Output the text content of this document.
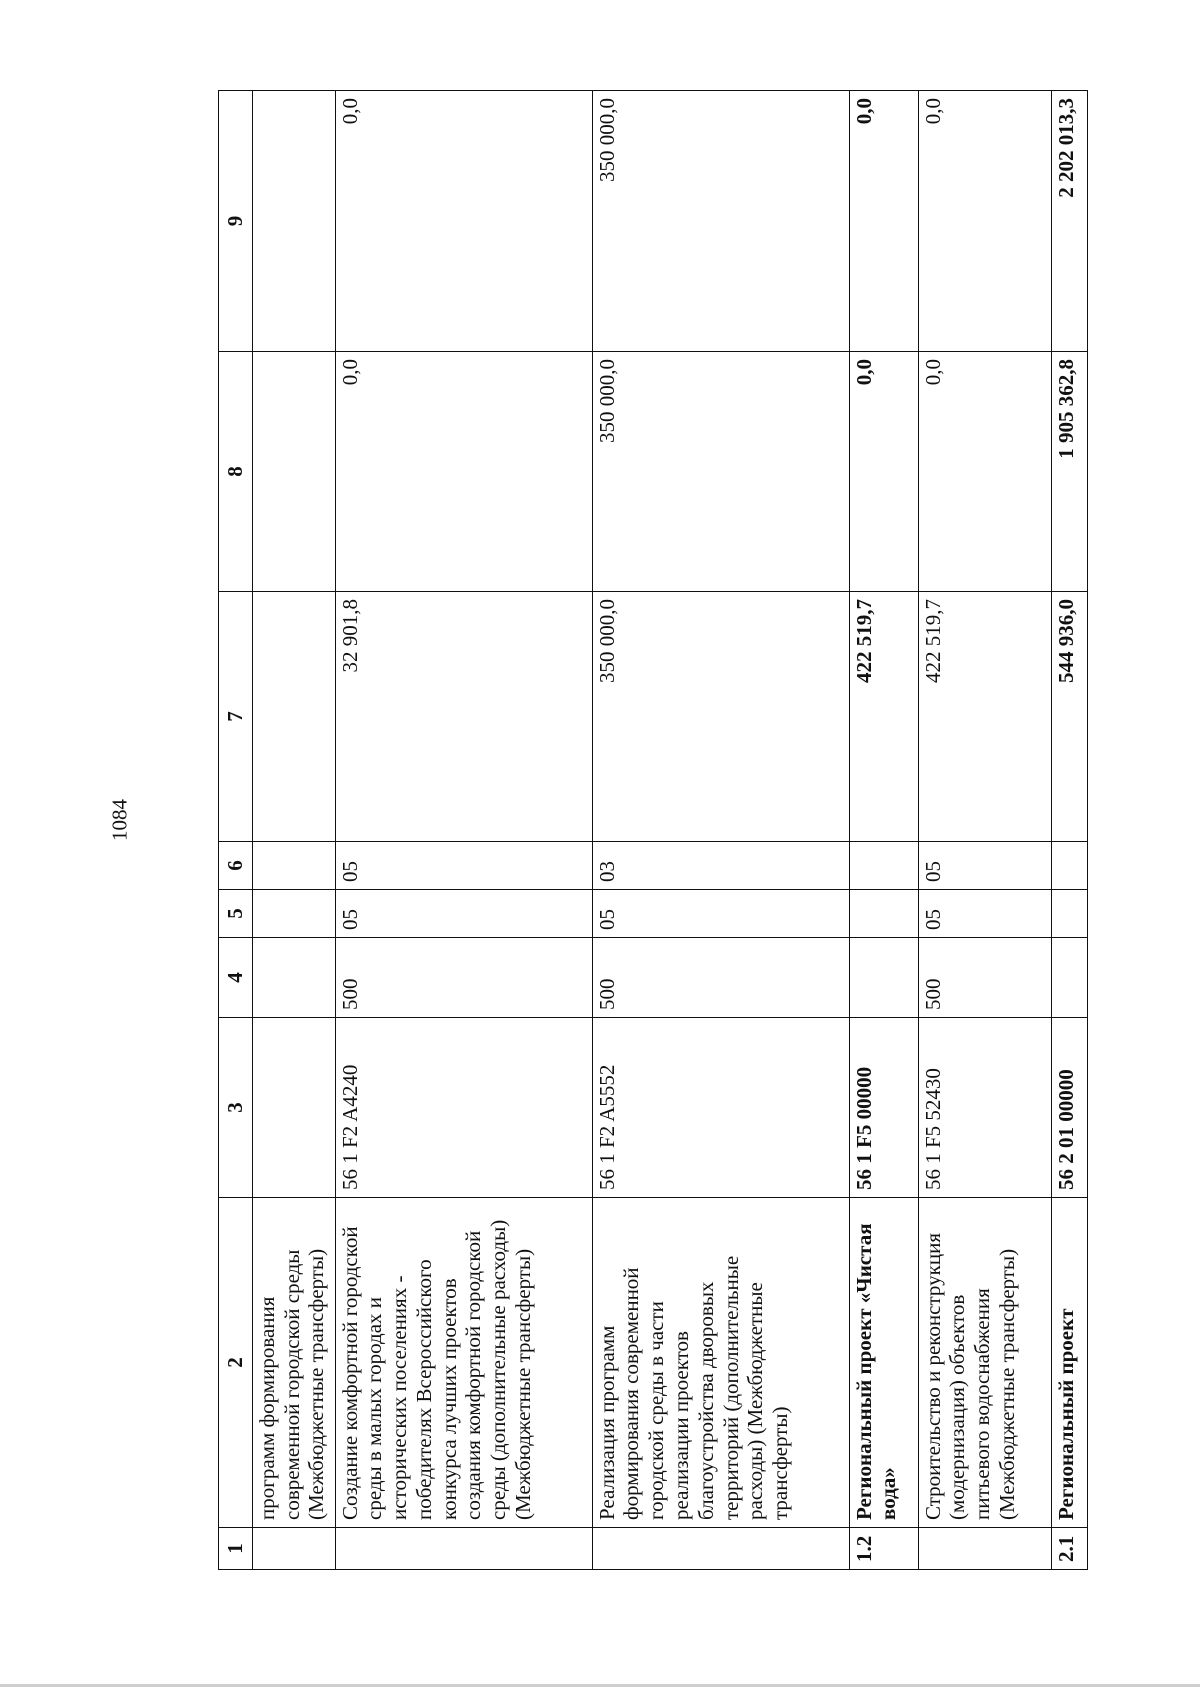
1084
1	2	3	4	5	6	7	8	9
	программ формирования современной городской среды (Межбюджетные трансферты)							
	Создание комфортной городской среды в малых городах и исторических поселениях - победителях Всероссийского конкурса лучших проектов создания комфортной городской среды (дополнительные расходы) (Межбюджетные трансферты)	56 1 F2 A4240	500	05	05	32 901,8	0,0	0,0
	Реализация программ формирования современной городской среды в части реализации проектов благоустройства дворовых территорий (дополнительные расходы) (Межбюджетные трансферты)	56 1 F2 A5552	500	05	03	350 000,0	350 000,0	350 000,0
1.2	Региональный проект «Чистая вода»	56 1 F5 00000				422 519,7	0,0	0,0
	Строительство и реконструкция (модернизация) объектов питьевого водоснабжения (Межбюджетные трансферты)	56 1 F5 52430	500	05	05	422 519,7	0,0	0,0
2.1	Региональный проект	56 2 01 00000				544 936,0	1 905 362,8	2 202 013,3
